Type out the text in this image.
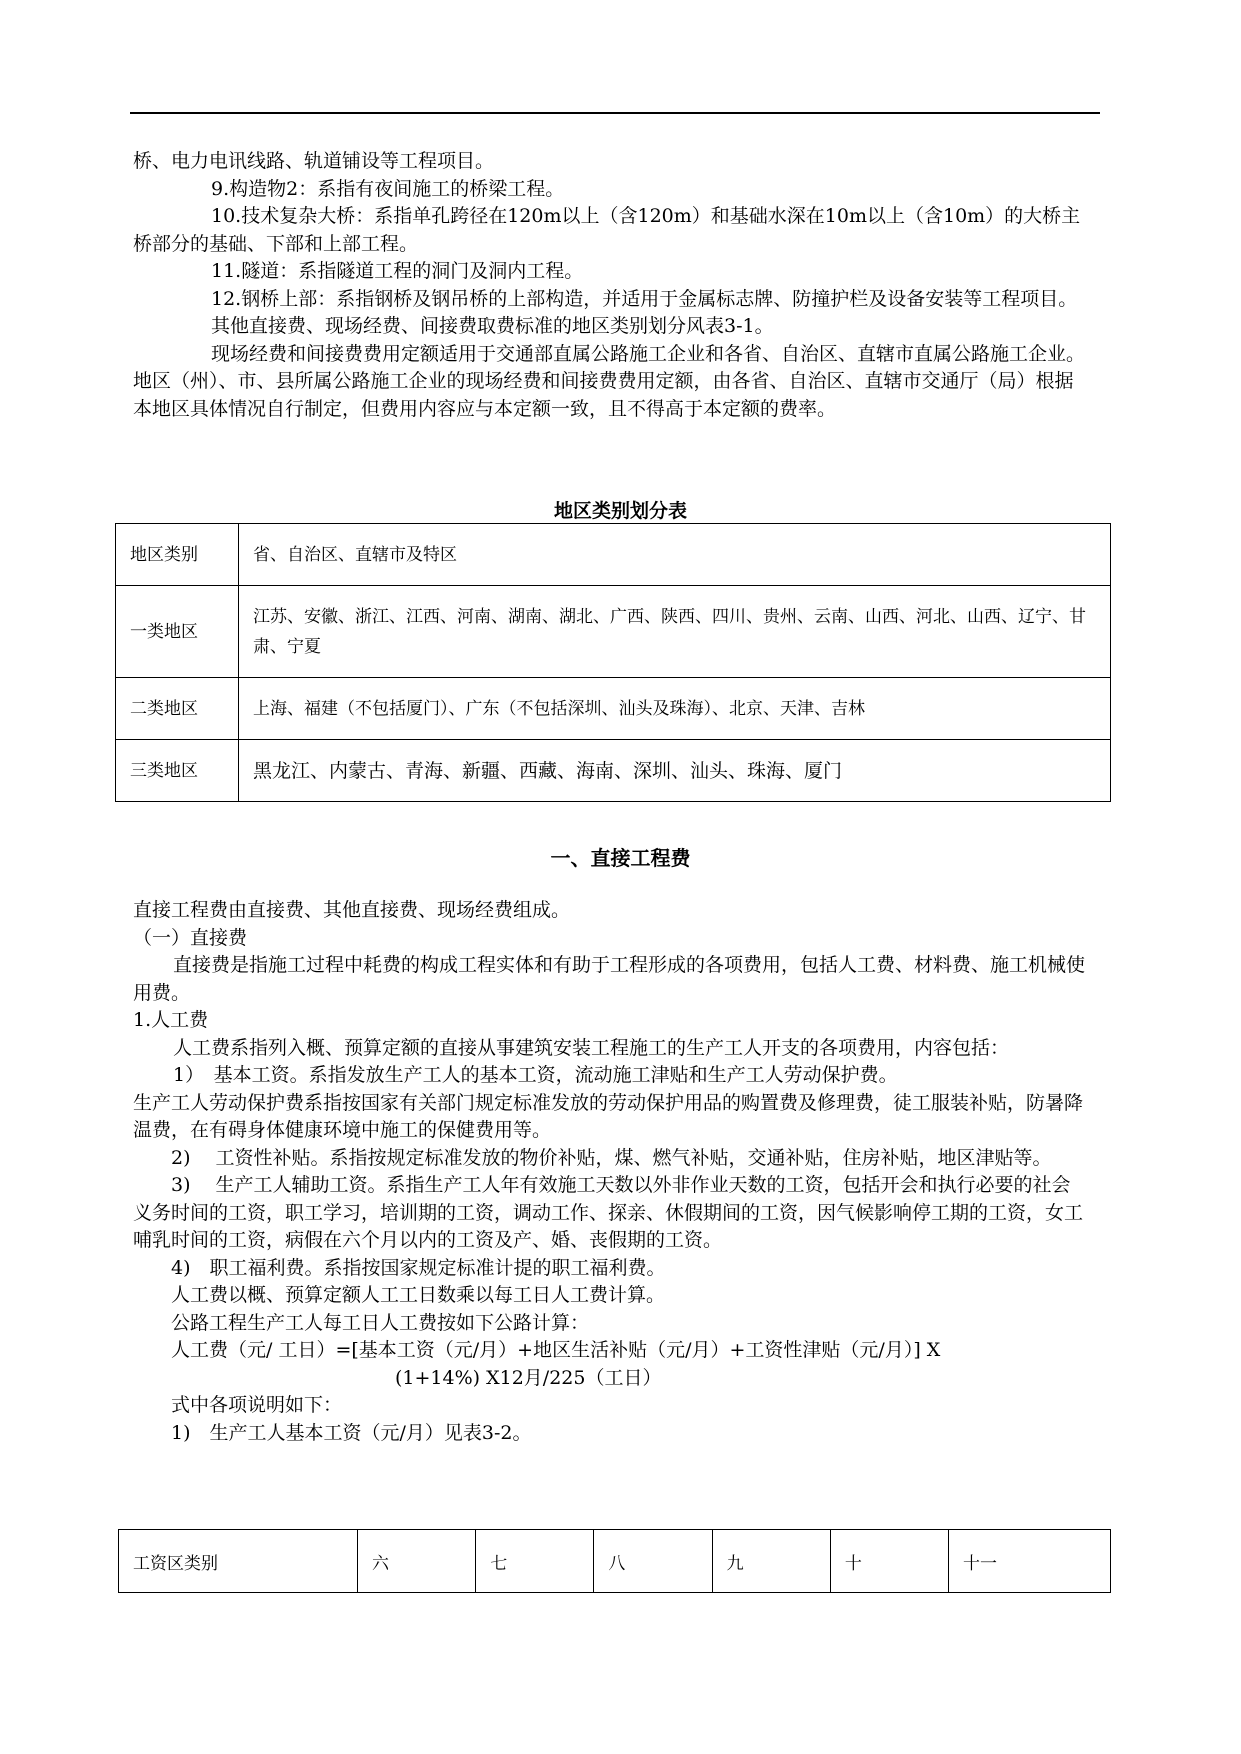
桥、电力电讯线路、轨道铺设等工程项目。

9.构造物2：系指有夜间施工的桥梁工程。

10.技术复杂大桥：系指单孔跨径在120m以上（含120m）和基础水深在10m以上（含10m）的大桥主桥部分的基础、下部和上部工程。

11.隧道：系指隧道工程的洞门及洞内工程。

12.钢桥上部：系指钢桥及钢吊桥的上部构造，并适用于金属标志牌、防撞护栏及设备安装等工程项目。

其他直接费、现场经费、间接费取费标准的地区类别划分风表3-1。

现场经费和间接费费用定额适用于交通部直属公路施工企业和各省、自治区、直辖市直属公路施工企业。地区（州）、市、县所属公路施工企业的现场经费和间接费费用定额，由各省、自治区、直辖市交通厅（局）根据本地区具体情况自行制定，但费用内容应与本定额一致，且不得高于本定额的费率。

地区类别划分表

地区类别	省、自治区、直辖市及特区
一类地区	江苏、安徽、浙江、江西、河南、湖南、湖北、广西、陕西、四川、贵州、云南、山西、河北、山西、辽宁、甘肃、宁夏
二类地区	上海、福建（不包括厦门）、广东（不包括深圳、汕头及珠海）、北京、天津、吉林
三类地区	黑龙江、内蒙古、青海、新疆、西藏、海南、深圳、汕头、珠海、厦门

一、直接工程费

直接工程费由直接费、其他直接费、现场经费组成。

（一）直接费

直接费是指施工过程中耗费的构成工程实体和有助于工程形成的各项费用，包括人工费、材料费、施工机械使用费。

1.人工费

人工费系指列入概、预算定额的直接从事建筑安装工程施工的生产工人开支的各项费用，内容包括：

1）　基本工资。系指发放生产工人的基本工资，流动施工津贴和生产工人劳动保护费。

生产工人劳动保护费系指按国家有关部门规定标准发放的劳动保护用品的购置费及修理费，徒工服装补贴，防暑降温费，在有碍身体健康环境中施工的保健费用等。

2)　 工资性补贴。系指按规定标准发放的物价补贴，煤、燃气补贴，交通补贴，住房补贴，地区津贴等。

3)　 生产工人辅助工资。系指生产工人年有效施工天数以外非作业天数的工资，包括开会和执行必要的社会义务时间的工资，职工学习，培训期的工资，调动工作、探亲、休假期间的工资，因气候影响停工期的工资，女工哺乳时间的工资，病假在六个月以内的工资及产、婚、丧假期的工资。

4)　职工福利费。系指按国家规定标准计提的职工福利费。

人工费以概、预算定额人工工日数乘以每工日人工费计算。

公路工程生产工人每工日人工费按如下公路计算：

人工费（元/ 工日）=[基本工资（元/月）+地区生活补贴（元/月）+工资性津贴（元/月）] X

(1+14%) X12月/225（工日）

式中各项说明如下：

1)　生产工人基本工资（元/月）见表3-2。

工资区类别	六	七	八	九	十	十一
